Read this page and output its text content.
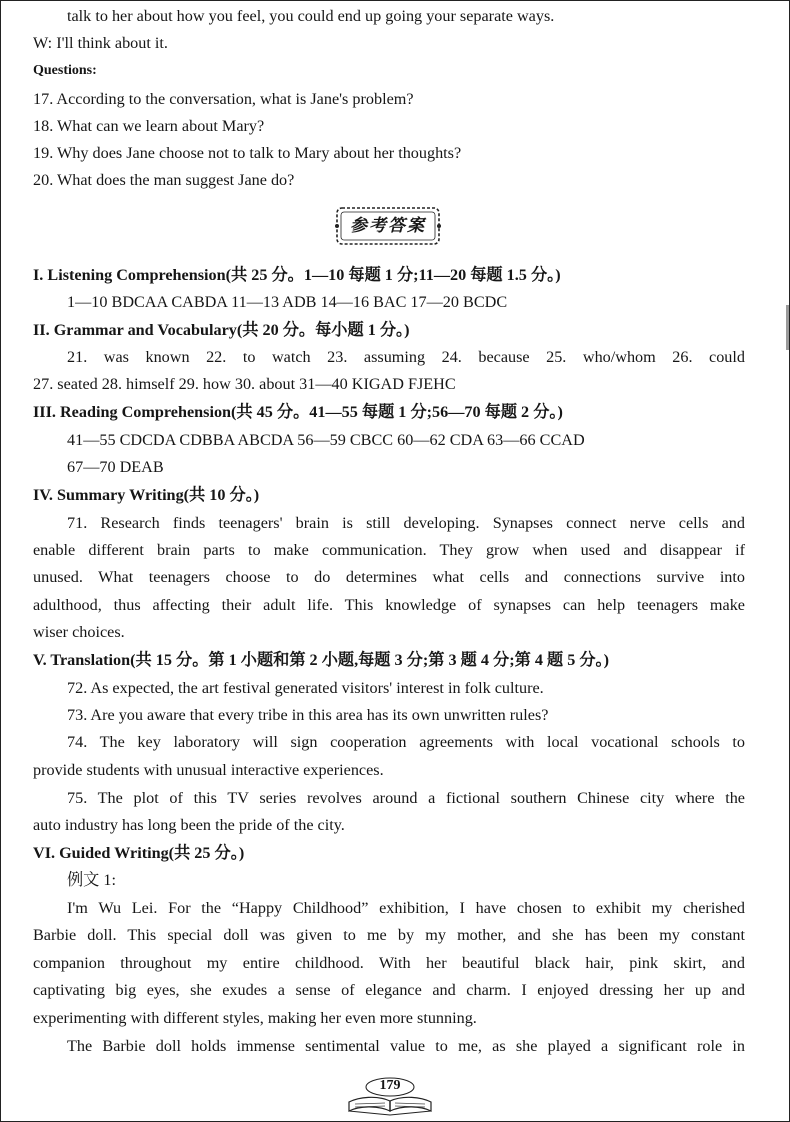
talk to her about how you feel, you could end up going your separate ways.
W: I'll think about it.
Questions:
17. According to the conversation, what is Jane's problem?
18. What can we learn about Mary?
19. Why does Jane choose not to talk to Mary about her thoughts?
20. What does the man suggest Jane do?
参考答案
I. Listening Comprehension(共 25 分。1—10 每题 1 分;11—20 每题 1.5 分。)
1—10 BDCAA CABDA 11—13 ADB 14—16 BAC 17—20 BCDC
II. Grammar and Vocabulary(共 20 分。每小题 1 分。)
21. was known 22. to watch 23. assuming 24. because 25. who/whom 26. could
27. seated 28. himself 29. how 30. about 31—40 KIGAD FJEHC
III. Reading Comprehension(共 45 分。41—55 每题 1 分;56—70 每题 2 分。)
41—55 CDCDA CDBBA ABCDA 56—59 CBCC 60—62 CDA 63—66 CCAD
67—70 DEAB
IV. Summary Writing(共 10 分。)
71. Research finds teenagers' brain is still developing. Synapses connect nerve cells and
enable different brain parts to make communication. They grow when used and disappear if
unused. What teenagers choose to do determines what cells and connections survive into
adulthood, thus affecting their adult life. This knowledge of synapses can help teenagers make
wiser choices.
V. Translation(共 15 分。第 1 小题和第 2 小题,每题 3 分;第 3 题 4 分;第 4 题 5 分。)
72. As expected, the art festival generated visitors' interest in folk culture.
73. Are you aware that every tribe in this area has its own unwritten rules?
74. The key laboratory will sign cooperation agreements with local vocational schools to
provide students with unusual interactive experiences.
75. The plot of this TV series revolves around a fictional southern Chinese city where the
auto industry has long been the pride of the city.
VI. Guided Writing(共 25 分。)
例文 1:
I'm Wu Lei. For the “Happy Childhood” exhibition, I have chosen to exhibit my cherished
Barbie doll. This special doll was given to me by my mother, and she has been my constant
companion throughout my entire childhood. With her beautiful black hair, pink skirt, and
captivating big eyes, she exudes a sense of elegance and charm. I enjoyed dressing her up and
experimenting with different styles, making her even more stunning.
The Barbie doll holds immense sentimental value to me, as she played a significant role in
179
